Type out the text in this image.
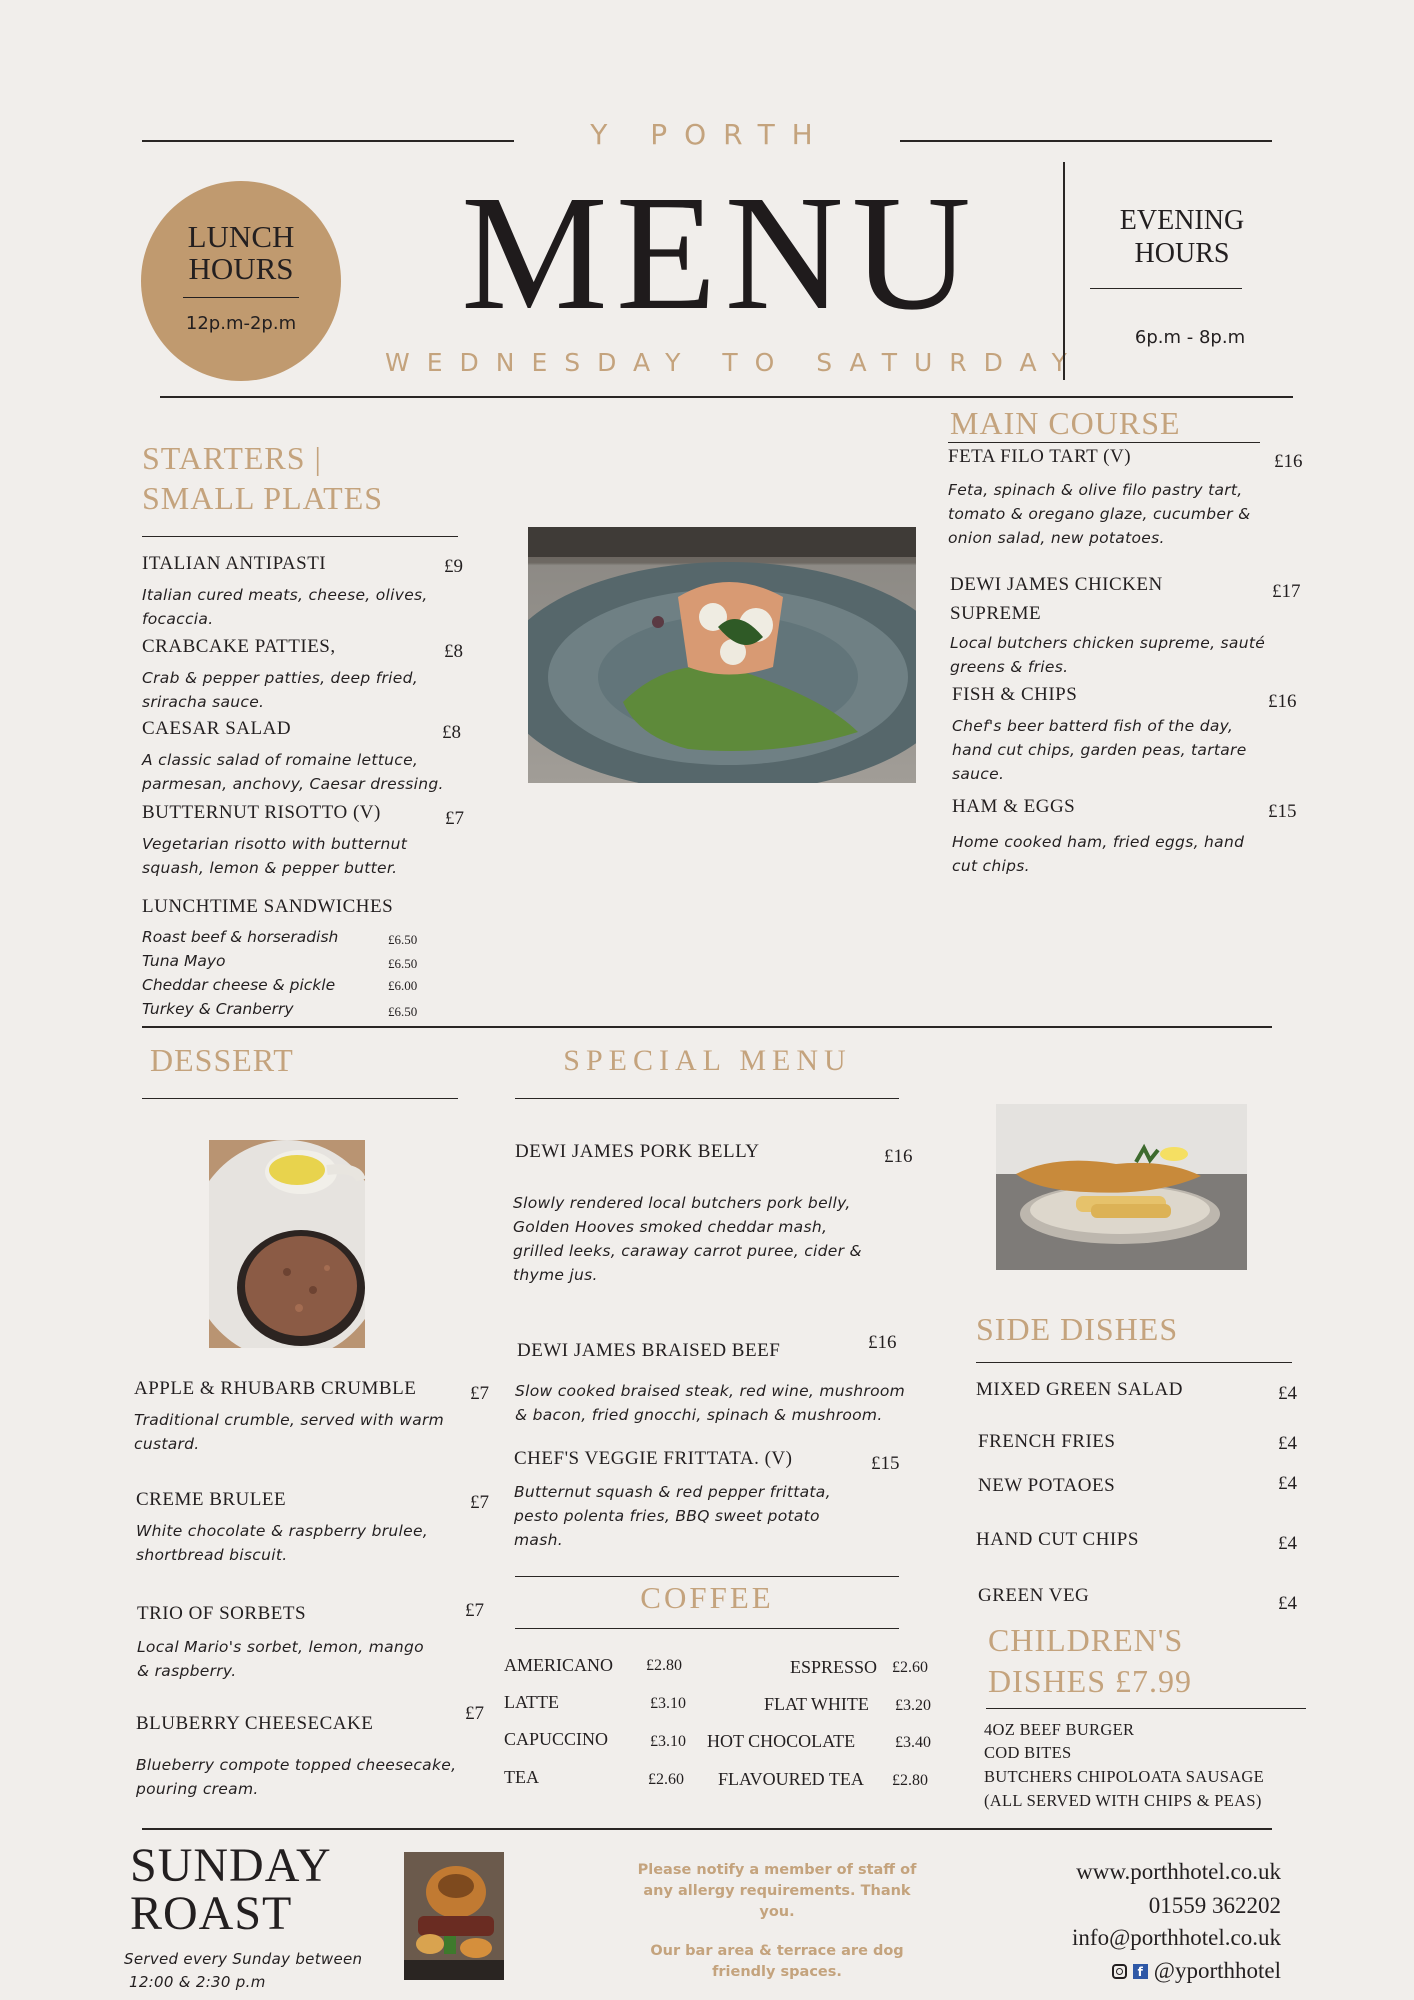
Y PORTH
LUNCH
HOURS
12p.m-2p.m MENU
WEDNESDAY TO SATURDAY
EVENING
HOURS
6p.m - 8p.m
STARTERS |
SMALL PLATES
ITALIAN ANTIPASTI	£9
Italian cured meats, cheese, olives,
focaccia.
CRABCAKE PATTIES,	£8
Crab & pepper patties, deep fried,
sriracha sauce.
CAESAR SALAD	£8
A classic salad of romaine lettuce,
parmesan, anchovy, Caesar dressing.
BUTTERNUT RISOTTO (V)	£7
Vegetarian risotto with butternut
squash, lemon & pepper butter.
LUNCHTIME SANDWICHES
Roast beef & horseradish	£6.50
Tuna Mayo	£6.50
Cheddar cheese & pickle	£6.00
Turkey & Cranberry	£6.50
MAIN COURSE
FETA FILO TART (V)	£16
Feta, spinach & olive filo pastry tart,
tomato & oregano glaze, cucumber &
onion salad, new potatoes.
DEWI JAMES CHICKEN	£17
SUPREME
Local butchers chicken supreme, sauté
greens & fries.
FISH & CHIPS	£16
Chef's beer batterd fish of the day,
hand cut chips, garden peas, tartare
sauce.
HAM & EGGS	£15
Home cooked ham, fried eggs, hand
cut chips.
DESSERT
APPLE & RHUBARB CRUMBLE	£7
Traditional crumble, served with warm
custard.
CREME BRULEE	£7
White chocolate & raspberry brulee,
shortbread biscuit.
TRIO OF SORBETS	£7
Local Mario's sorbet, lemon, mango
& raspberry.
BLUBERRY CHEESECAKE	£7
Blueberry compote topped cheesecake,
pouring cream.
SPECIAL MENU
DEWI JAMES PORK BELLY	£16
Slowly rendered local butchers pork belly,
Golden Hooves smoked cheddar mash,
grilled leeks, caraway carrot puree, cider &
thyme jus.
DEWI JAMES BRAISED BEEF	£16
Slow cooked braised steak, red wine, mushroom
& bacon, fried gnocchi, spinach & mushroom.
CHEF'S VEGGIE FRITTATA. (V)	£15
Butternut squash & red pepper frittata,
pesto polenta fries, BBQ sweet potato
mash.
COFFEE
AMERICANO £2.80
LATTE	£3.10
CAPUCCINO	£3.10
TEA	£2.60
ESPRESSO £2.60
FLAT WHITE £3.20
HOT CHOCOLATE £3.40
FLAVOURED TEA £2.80
SIDE DISHES
MIXED GREEN SALAD	£4
FRENCH FRIES	£4
NEW POTAOES	£4
HAND CUT CHIPS	£4
GREEN VEG	£4
CHILDREN'S
DISHES £7.99
4OZ BEEF BURGER
COD BITES
BUTCHERS CHIPOLOATA SAUSAGE
(ALL SERVED WITH CHIPS & PEAS)
SUNDAY
ROAST
Served every Sunday between
12:00 & 2:30 p.m
Please notify a member of staff of
any allergy requirements. Thank
you.
Our bar area & terrace are dog
friendly spaces.
www.porthhotel.co.uk
01559 362202
info@porthhotel.co.uk
f @yporthhotel
